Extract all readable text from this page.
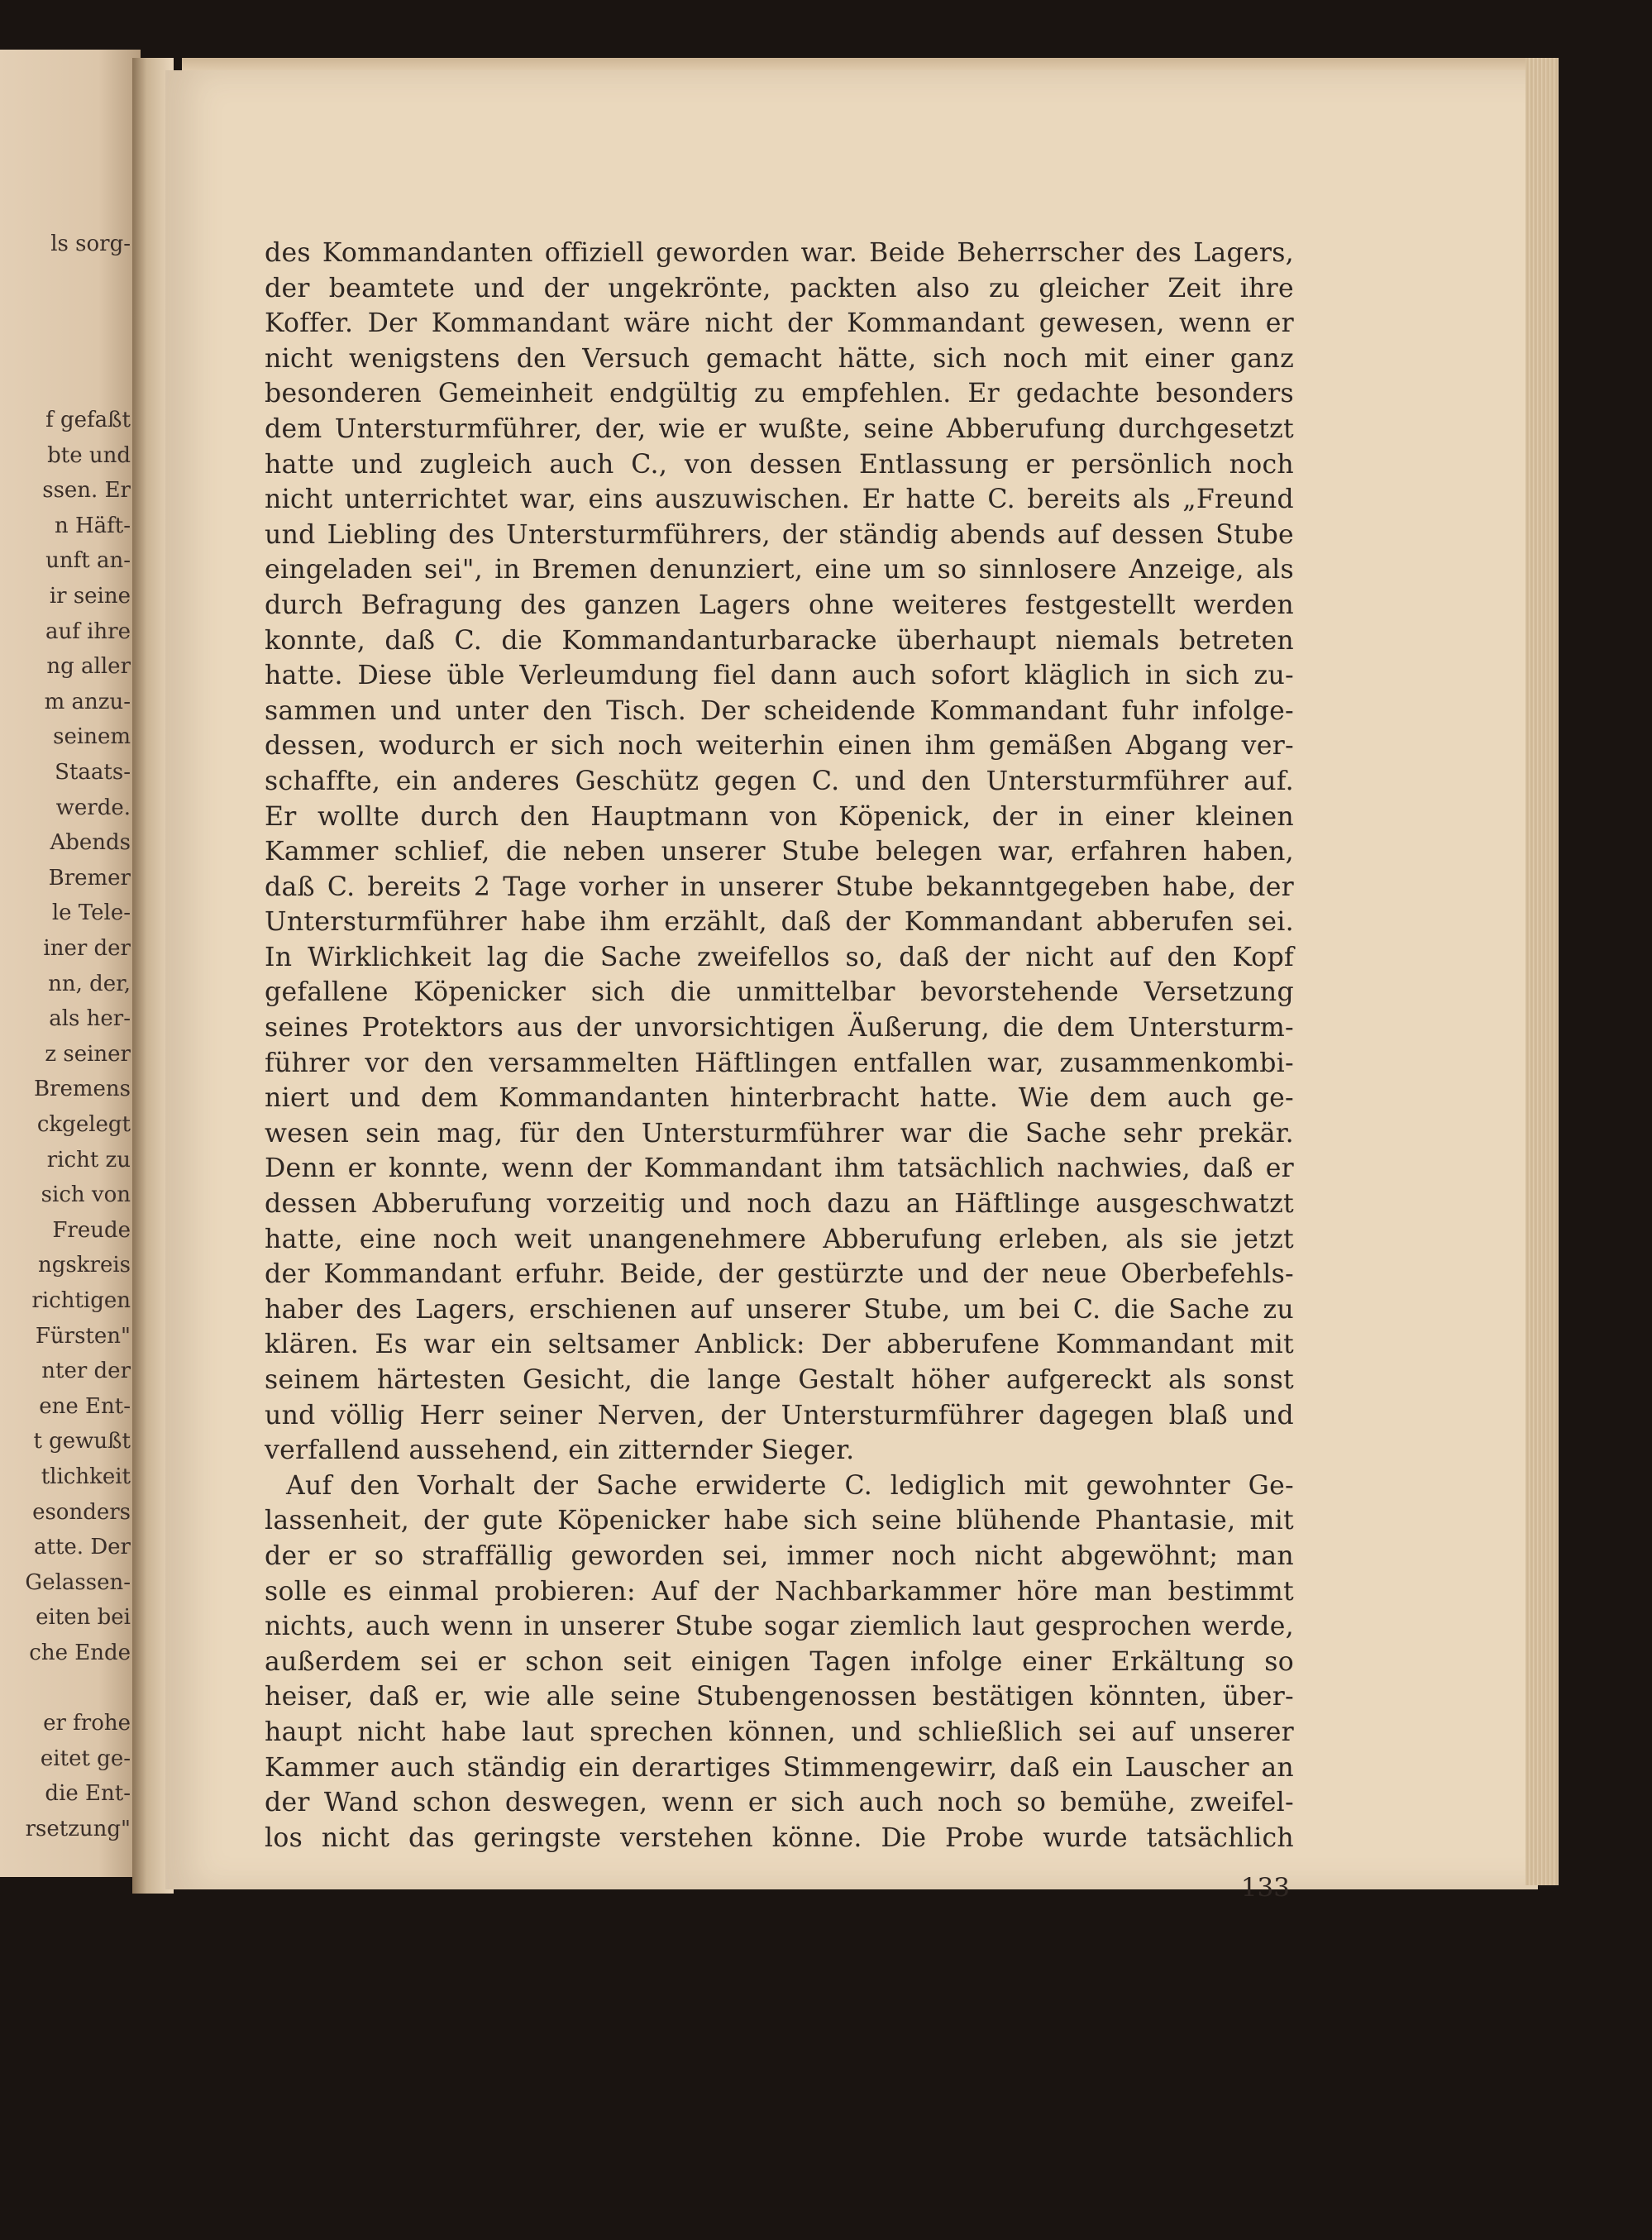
ls sorg-
f gefaßt
bte und
ssen. Er
n Häft-
unft an-
ir seine
auf ihre
ng aller
m anzu-
seinem
Staats-
werde.
Abends
Bremer
le Tele-
iner der
nn, der,
als her-
z seiner
Bremens
ckgelegt
richt zu
sich von
Freude
ngskreis
richtigen
Fürsten"
nter der
ene Ent-
t gewußt
tlichkeit
esonders
atte. Der
Gelassen-
eiten bei
che Ende
er frohe
eitet ge-
die Ent-
rsetzung"
des Kommandanten offiziell geworden war. Beide Beherrscher des Lagers,
der beamtete und der ungekrönte, packten also zu gleicher Zeit ihre
Koffer. Der Kommandant wäre nicht der Kommandant gewesen, wenn er
nicht wenigstens den Versuch gemacht hätte, sich noch mit einer ganz
besonderen Gemeinheit endgültig zu empfehlen. Er gedachte besonders
dem Untersturmführer, der, wie er wußte, seine Abberufung durchgesetzt
hatte und zugleich auch C., von dessen Entlassung er persönlich noch
nicht unterrichtet war, eins auszuwischen. Er hatte C. bereits als „Freund
und Liebling des Untersturmführers, der ständig abends auf dessen Stube
eingeladen sei", in Bremen denunziert, eine um so sinnlosere Anzeige, als
durch Befragung des ganzen Lagers ohne weiteres festgestellt werden
konnte, daß C. die Kommandanturbaracke überhaupt niemals betreten
hatte. Diese üble Verleumdung fiel dann auch sofort kläglich in sich zu-
sammen und unter den Tisch. Der scheidende Kommandant fuhr infolge-
dessen, wodurch er sich noch weiterhin einen ihm gemäßen Abgang ver-
schaffte, ein anderes Geschütz gegen C. und den Untersturmführer auf.
Er wollte durch den Hauptmann von Köpenick, der in einer kleinen
Kammer schlief, die neben unserer Stube belegen war, erfahren haben,
daß C. bereits 2 Tage vorher in unserer Stube bekanntgegeben habe, der
Untersturmführer habe ihm erzählt, daß der Kommandant abberufen sei.
In Wirklichkeit lag die Sache zweifellos so, daß der nicht auf den Kopf
gefallene Köpenicker sich die unmittelbar bevorstehende Versetzung
seines Protektors aus der unvorsichtigen Äußerung, die dem Untersturm-
führer vor den versammelten Häftlingen entfallen war, zusammenkombi-
niert und dem Kommandanten hinterbracht hatte. Wie dem auch ge-
wesen sein mag, für den Untersturmführer war die Sache sehr prekär.
Denn er konnte, wenn der Kommandant ihm tatsächlich nachwies, daß er
dessen Abberufung vorzeitig und noch dazu an Häftlinge ausgeschwatzt
hatte, eine noch weit unangenehmere Abberufung erleben, als sie jetzt
der Kommandant erfuhr. Beide, der gestürzte und der neue Oberbefehls-
haber des Lagers, erschienen auf unserer Stube, um bei C. die Sache zu
klären. Es war ein seltsamer Anblick: Der abberufene Kommandant mit
seinem härtesten Gesicht, die lange Gestalt höher aufgereckt als sonst
und völlig Herr seiner Nerven, der Untersturmführer dagegen blaß und
verfallend aussehend, ein zitternder Sieger.
Auf den Vorhalt der Sache erwiderte C. lediglich mit gewohnter Ge-
lassenheit, der gute Köpenicker habe sich seine blühende Phantasie, mit
der er so straffällig geworden sei, immer noch nicht abgewöhnt; man
solle es einmal probieren: Auf der Nachbarkammer höre man bestimmt
nichts, auch wenn in unserer Stube sogar ziemlich laut gesprochen werde,
außerdem sei er schon seit einigen Tagen infolge einer Erkältung so
heiser, daß er, wie alle seine Stubengenossen bestätigen könnten, über-
haupt nicht habe laut sprechen können, und schließlich sei auf unserer
Kammer auch ständig ein derartiges Stimmengewirr, daß ein Lauscher an
der Wand schon deswegen, wenn er sich auch noch so bemühe, zweifel-
los nicht das geringste verstehen könne. Die Probe wurde tatsächlich
133
